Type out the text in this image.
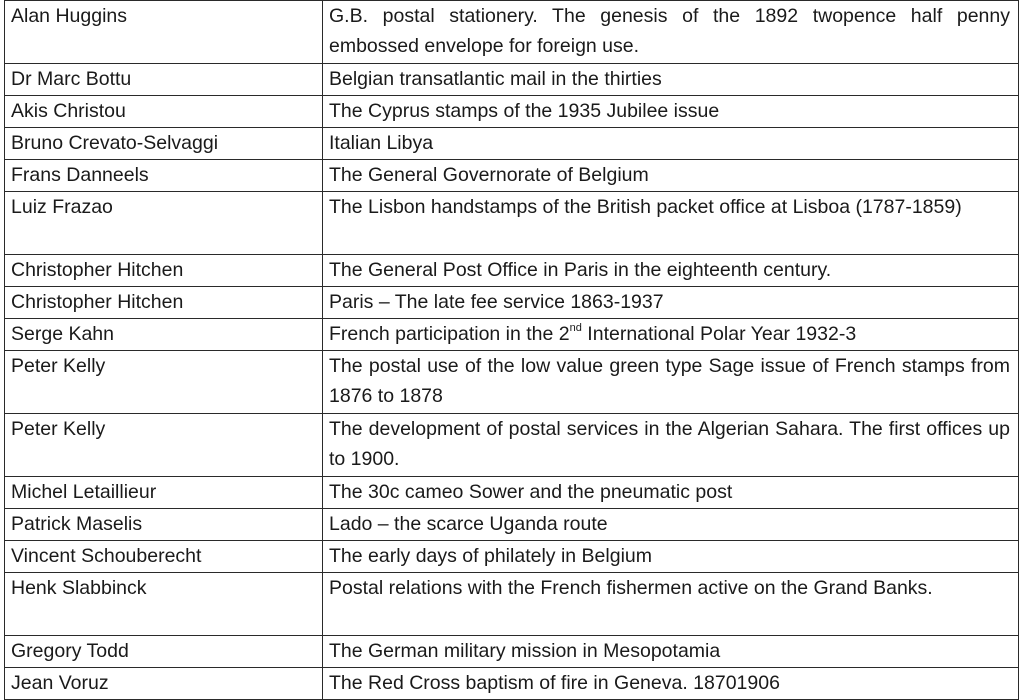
Alan Huggins	G.B. postal stationery. The genesis of the 1892 twopence half penny embossed envelope for foreign use.
Dr Marc Bottu	Belgian transatlantic mail in the thirties
Akis Christou	The Cyprus stamps of the 1935 Jubilee issue
Bruno Crevato-Selvaggi	Italian Libya
Frans Danneels	The General Governorate of Belgium
Luiz Frazao	The Lisbon handstamps of the British packet office at Lisboa (1787-1859)
Christopher Hitchen	The General Post Office in Paris in the eighteenth century.
Christopher Hitchen	Paris – The late fee service 1863-1937
Serge Kahn	French participation in the 2nd International Polar Year 1932-3
Peter Kelly	The postal use of the low value green type Sage issue of French stamps from 1876 to 1878
Peter Kelly	The development of postal services in the Algerian Sahara. The first offices up to 1900.
Michel Letaillieur	The 30c cameo Sower and the pneumatic post
Patrick Maselis	Lado – the scarce Uganda route
Vincent Schouberecht	The early days of philately in Belgium
Henk Slabbinck	Postal relations with the French fishermen active on the Grand Banks.
Gregory Todd	The German military mission in Mesopotamia
Jean Voruz	The Red Cross baptism of fire in Geneva. 18701906
